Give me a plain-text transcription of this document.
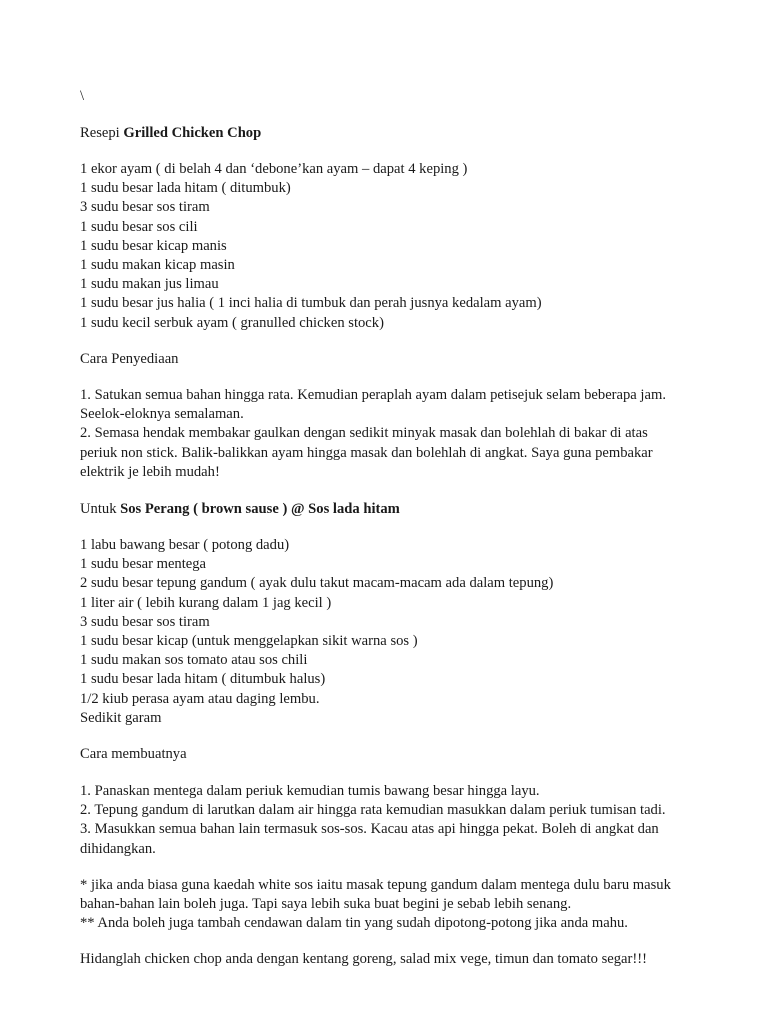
\
Resepi Grilled Chicken Chop
1 ekor ayam ( di belah 4 dan ‘debone’kan ayam – dapat 4 keping )
1 sudu besar lada hitam ( ditumbuk)
3 sudu besar sos tiram
1 sudu besar sos cili
1 sudu besar kicap manis
1 sudu makan kicap masin
1 sudu makan jus limau
1 sudu besar jus halia ( 1 inci halia di tumbuk dan perah jusnya kedalam ayam)
1 sudu kecil serbuk ayam ( granulled chicken stock)
Cara Penyediaan
1. Satukan semua bahan hingga rata. Kemudian peraplah ayam dalam petisejuk selam beberapa jam.
Seelok-eloknya semalaman.
2. Semasa hendak membakar gaulkan dengan sedikit minyak masak dan bolehlah di bakar di atas
periuk non stick. Balik-balikkan ayam hingga masak dan bolehlah di angkat. Saya guna pembakar
elektrik je lebih mudah!
Untuk Sos Perang ( brown sause ) @ Sos lada hitam
1 labu bawang besar ( potong dadu)
1 sudu besar mentega
2 sudu besar tepung gandum ( ayak dulu takut macam-macam ada dalam tepung)
1 liter air ( lebih kurang dalam 1 jag kecil )
3 sudu besar sos tiram
1 sudu besar kicap (untuk menggelapkan sikit warna sos )
1 sudu makan sos tomato atau sos chili
1 sudu besar lada hitam ( ditumbuk halus)
1/2 kiub perasa ayam atau daging lembu.
Sedikit garam
Cara membuatnya
1. Panaskan mentega dalam periuk kemudian tumis bawang besar hingga layu.
2. Tepung gandum di larutkan dalam air hingga rata kemudian masukkan dalam periuk tumisan tadi.
3. Masukkan semua bahan lain termasuk sos-sos. Kacau atas api hingga pekat. Boleh di angkat dan
dihidangkan.
* jika anda biasa guna kaedah white sos iaitu masak tepung gandum dalam mentega dulu baru masuk
bahan-bahan lain boleh juga. Tapi saya lebih suka buat begini je sebab lebih senang.
** Anda boleh juga tambah cendawan dalam tin yang sudah dipotong-potong jika anda mahu.
Hidanglah chicken chop anda dengan kentang goreng, salad mix vege, timun dan tomato segar!!!
